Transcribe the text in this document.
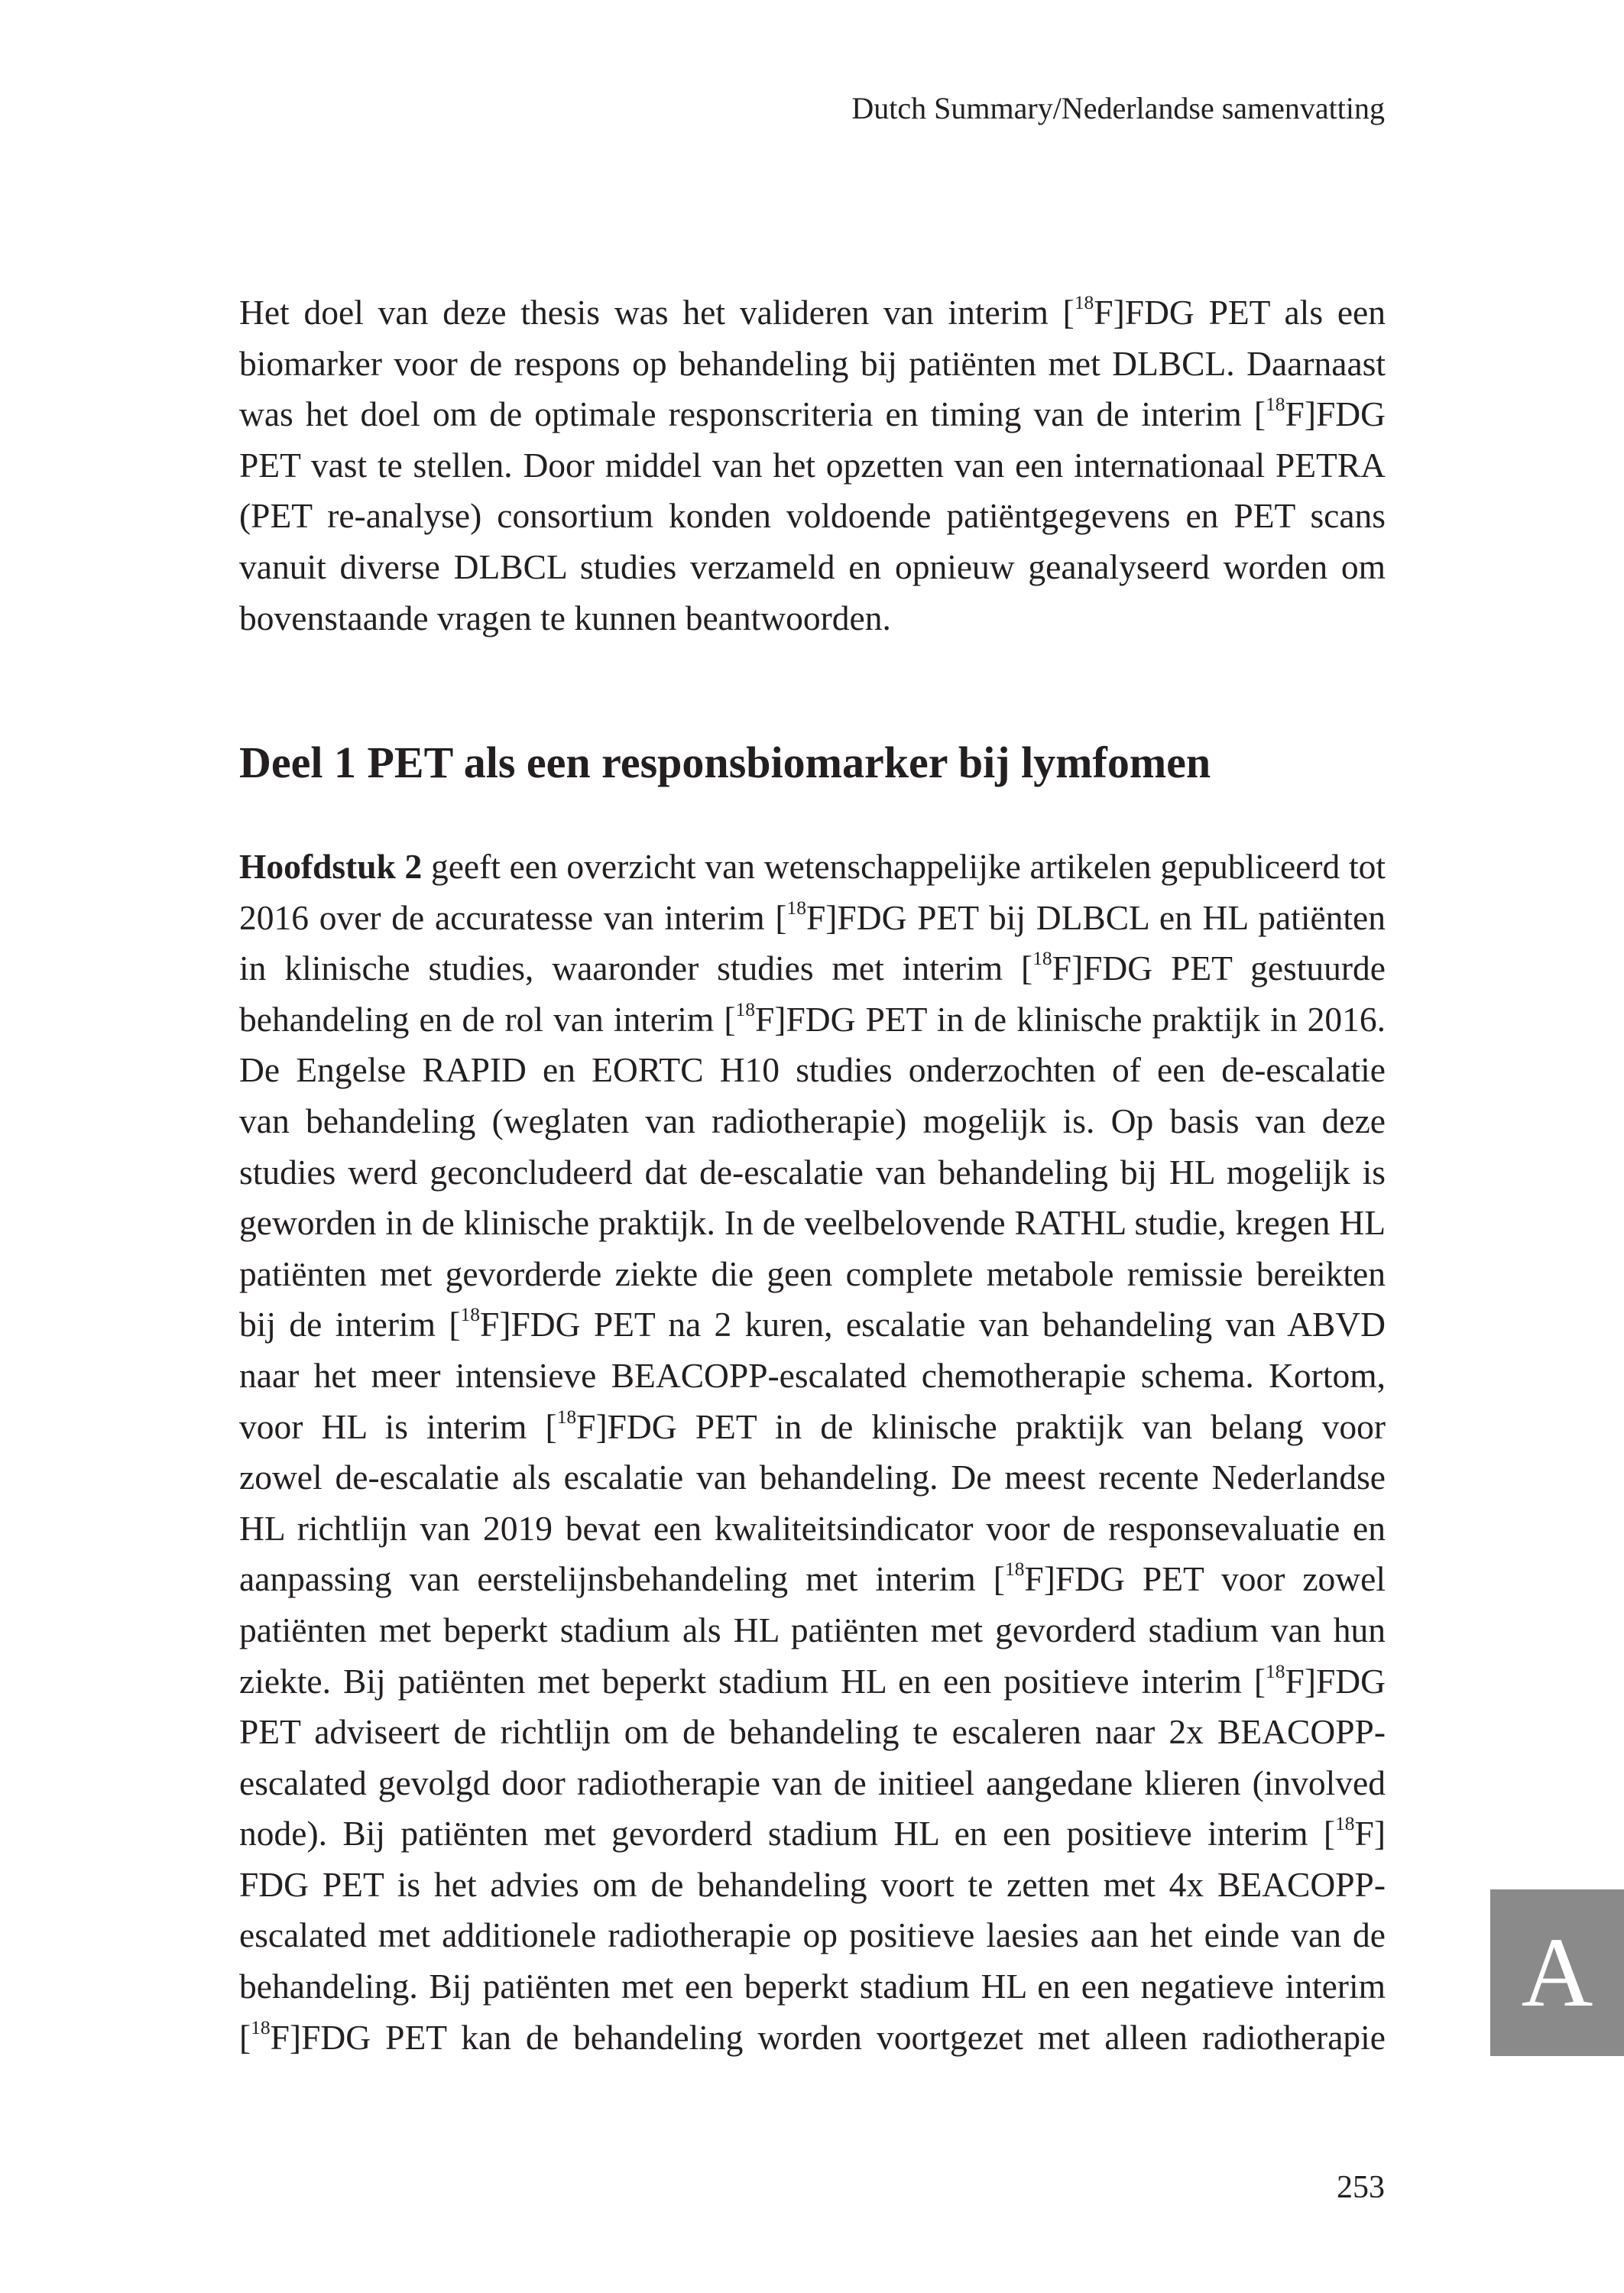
Dutch Summary/Nederlandse samenvatting

Het doel van deze thesis was het valideren van interim [$^{18}$F]FDG PET als een
biomarker voor de respons op behandeling bij patiënten met DLBCL. Daarnaast
was het doel om de optimale responscriteria en timing van de interim [$^{18}$F]FDG
PET vast te stellen. Door middel van het opzetten van een internationaal PETRA
(PET re-analyse) consortium konden voldoende patiëntgegevens en PET scans
vanuit diverse DLBCL studies verzameld en opnieuw geanalyseerd worden om
bovenstaande vragen te kunnen beantwoorden.

Deel 1 PET als een responsbiomarker bij lymfomen

Hoofdstuk 2 geeft een overzicht van wetenschappelijke artikelen gepubliceerd tot
2016 over de accuratesse van interim [$^{18}$F]FDG PET bij DLBCL en HL patiënten
in klinische studies, waaronder studies met interim [$^{18}$F]FDG PET gestuurde
behandeling en de rol van interim [$^{18}$F]FDG PET in de klinische praktijk in 2016.
De Engelse RAPID en EORTC H10 studies onderzochten of een de-escalatie
van behandeling (weglaten van radiotherapie) mogelijk is. Op basis van deze
studies werd geconcludeerd dat de-escalatie van behandeling bij HL mogelijk is
geworden in de klinische praktijk. In de veelbelovende RATHL studie, kregen HL
patiënten met gevorderde ziekte die geen complete metabole remissie bereikten
bij de interim [$^{18}$F]FDG PET na 2 kuren, escalatie van behandeling van ABVD
naar het meer intensieve BEACOPP-escalated chemotherapie schema. Kortom,
voor HL is interim [$^{18}$F]FDG PET in de klinische praktijk van belang voor
zowel de-escalatie als escalatie van behandeling. De meest recente Nederlandse
HL richtlijn van 2019 bevat een kwaliteitsindicator voor de responsevaluatie en
aanpassing van eerstelijnsbehandeling met interim [$^{18}$F]FDG PET voor zowel
patiënten met beperkt stadium als HL patiënten met gevorderd stadium van hun
ziekte. Bij patiënten met beperkt stadium HL en een positieve interim [$^{18}$F]FDG
PET adviseert de richtlijn om de behandeling te escaleren naar 2x BEACOPP-
escalated gevolgd door radiotherapie van de initieel aangedane klieren (involved
node). Bij patiënten met gevorderd stadium HL en een positieve interim [$^{18}$F]
FDG PET is het advies om de behandeling voort te zetten met 4x BEACOPP-
escalated met additionele radiotherapie op positieve laesies aan het einde van de
behandeling. Bij patiënten met een beperkt stadium HL en een negatieve interim
[$^{18}$F]FDG PET kan de behandeling worden voortgezet met alleen radiotherapie

A
253
